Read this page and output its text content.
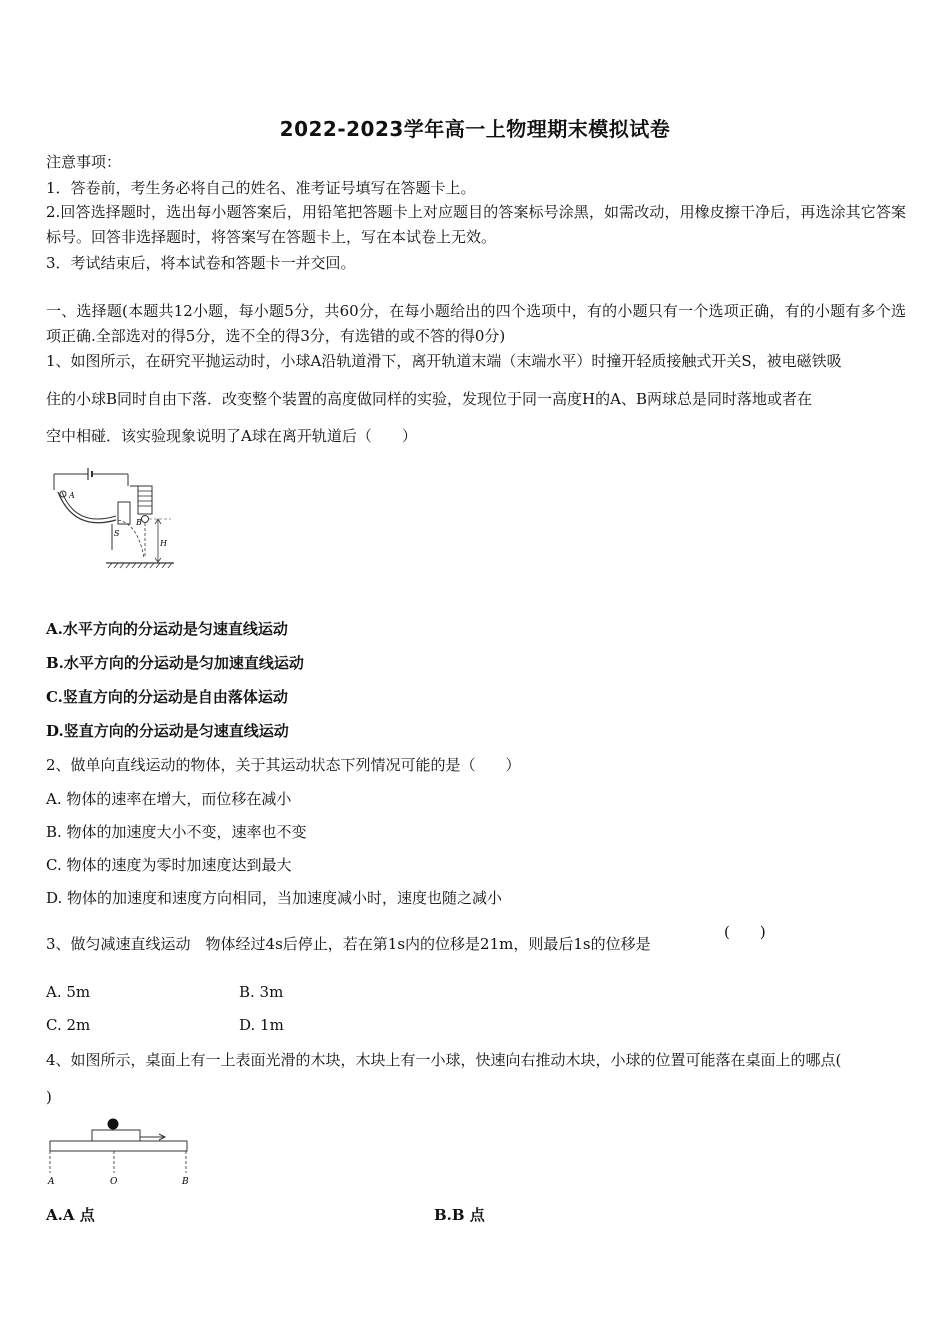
2022-2023学年高一上物理期末模拟试卷
注意事项：
1．答卷前，考生务必将自己的姓名、准考证号填写在答题卡上。
2.回答选择题时，选出每小题答案后，用铅笔把答题卡上对应题目的答案标号涂黑，如需改动，用橡皮擦干净后，再选涂其它答案标号。回答非选择题时，将答案写在答题卡上，写在本试卷上无效。
3．考试结束后，将本试卷和答题卡一并交回。
一、选择题(本题共12小题，每小题5分，共60分，在每小题给出的四个选项中，有的小题只有一个选项正确，有的小题有多个选项正确.全部选对的得5分，选不全的得3分，有选错的或不答的得0分)
1、如图所示，在研究平抛运动时，小球A沿轨道滑下，离开轨道末端（末端水平）时撞开轻质接触式开关S，被电磁铁吸
住的小球B同时自由下落．改变整个装置的高度做同样的实验，发现位于同一高度H的A、B两球总是同时落地或者在
空中相碰．该实验现象说明了A球在离开轨道后（　　）
A
B
S
H
A.水平方向的分运动是匀速直线运动
B.水平方向的分运动是匀加速直线运动
C.竖直方向的分运动是自由落体运动
D.竖直方向的分运动是匀速直线运动
2、做单向直线运动的物体，关于其运动状态下列情况可能的是（　　）
A. 物体的速率在增大，而位移在减小
B. 物体的加速度大小不变，速率也不变
C. 物体的速度为零时加速度达到最大
D. 物体的加速度和速度方向相同，当加速度减小时，速度也随之减小
3、做匀减速直线运动　物体经过4s后停止，若在第1s内的位移是21m，则最后1s的位移是
(　　)
A. 5m	B. 3m
C. 2m	D. 1m
4、如图所示，桌面上有一上表面光滑的木块，木块上有一小球，快速向右推动木块，小球的位置可能落在桌面上的哪点(
)
A	O	B
A.A 点	B.B 点
